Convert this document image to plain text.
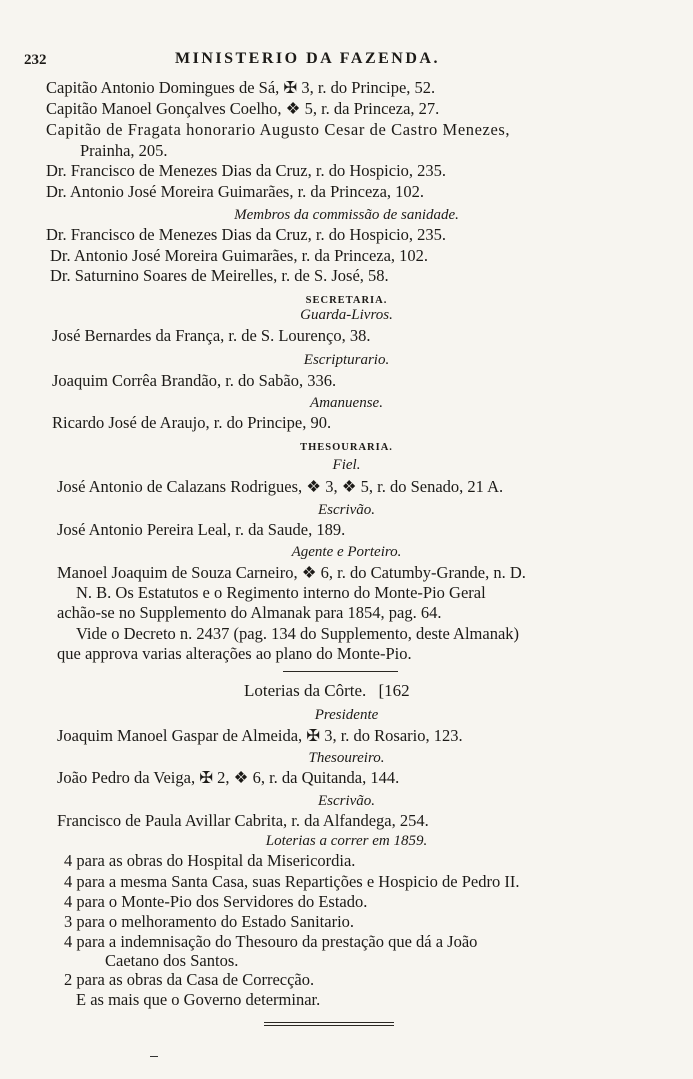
232	MINISTERIO DA FAZENDA.
Capitão Antonio Domingues de Sá, ✠ 3, r. do Principe, 52.
Capitão Manoel Gonçalves Coelho, ❖ 5, r. da Princeza, 27.
Capitão de Fragata honorario Augusto Cesar de Castro Menezes,
Prainha, 205.
Dr. Francisco de Menezes Dias da Cruz, r. do Hospicio, 235.
Dr. Antonio José Moreira Guimarães, r. da Princeza, 102.
Membros da commissão de sanidade.
Dr. Francisco de Menezes Dias da Cruz, r. do Hospicio, 235.
Dr. Antonio José Moreira Guimarães, r. da Princeza, 102.
Dr. Saturnino Soares de Meirelles, r. de S. José, 58.
SECRETARIA.
Guarda-Livros.
José Bernardes da França, r. de S. Lourenço, 38.
Escripturario.
Joaquim Corrêa Brandão, r. do Sabão, 336.
Amanuense.
Ricardo José de Araujo, r. do Principe, 90.
THESOURARIA.
Fiel.
José Antonio de Calazans Rodrigues, ❖ 3, ❖ 5, r. do Senado, 21 A.
Escrivão.
José Antonio Pereira Leal, r. da Saude, 189.
Agente e Porteiro.
Manoel Joaquim de Souza Carneiro, ❖ 6, r. do Catumby-Grande, n. D.
N. B. Os Estatutos e o Regimento interno do Monte-Pio Geral
achão-se no Supplemento do Almanak para 1854, pag. 64.
Vide o Decreto n. 2437 (pag. 134 do Supplemento, deste Almanak)
que approva varias alterações ao plano do Monte-Pio.
Loterias da Côrte. [162
Presidente
Joaquim Manoel Gaspar de Almeida, ✠ 3, r. do Rosario, 123.
Thesoureiro.
João Pedro da Veiga, ✠ 2, ❖ 6, r. da Quitanda, 144.
Escrivão.
Francisco de Paula Avillar Cabrita, r. da Alfandega, 254.
Loterias a correr em 1859.
4 para as obras do Hospital da Misericordia.
4 para a mesma Santa Casa, suas Repartições e Hospicio de Pedro II.
4 para o Monte-Pio dos Servidores do Estado.
3 para o melhoramento do Estado Sanitario.
4 para a indemnisação do Thesouro da prestação que dá a João
Caetano dos Santos.
2 para as obras da Casa de Correcção.
E as mais que o Governo determinar.
